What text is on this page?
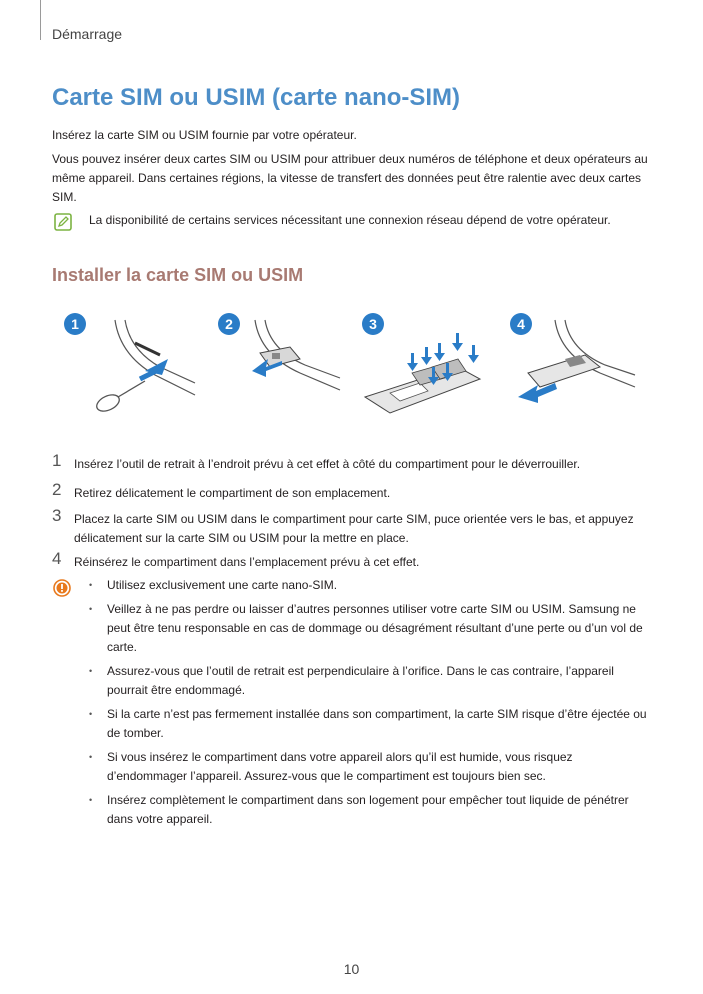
Démarrage
Carte SIM ou USIM (carte nano-SIM)
Insérez la carte SIM ou USIM fournie par votre opérateur.
Vous pouvez insérer deux cartes SIM ou USIM pour attribuer deux numéros de téléphone et deux opérateurs au même appareil. Dans certaines régions, la vitesse de transfert des données peut être ralentie avec deux cartes SIM.
La disponibilité de certains services nécessitant une connexion réseau dépend de votre opérateur.
Installer la carte SIM ou USIM
1	2	3	4
1 Insérez l’outil de retrait à l’endroit prévu à cet effet à côté du compartiment pour le déverrouiller.
2 Retirez délicatement le compartiment de son emplacement.
3 Placez la carte SIM ou USIM dans le compartiment pour carte SIM, puce orientée vers le bas, et appuyez délicatement sur la carte SIM ou USIM pour la mettre en place.
4 Réinsérez le compartiment dans l’emplacement prévu à cet effet.
• Utilisez exclusivement une carte nano-SIM.
• Veillez à ne pas perdre ou laisser d’autres personnes utiliser votre carte SIM ou USIM. Samsung ne peut être tenu responsable en cas de dommage ou désagrément résultant d’une perte ou d’un vol de carte.
• Assurez-vous que l’outil de retrait est perpendiculaire à l’orifice. Dans le cas contraire, l’appareil pourrait être endommagé.
• Si la carte n’est pas fermement installée dans son compartiment, la carte SIM risque d’être éjectée ou de tomber.
• Si vous insérez le compartiment dans votre appareil alors qu’il est humide, vous risquez d’endommager l’appareil. Assurez-vous que le compartiment est toujours bien sec.
• Insérez complètement le compartiment dans son logement pour empêcher tout liquide de pénétrer dans votre appareil.
10
